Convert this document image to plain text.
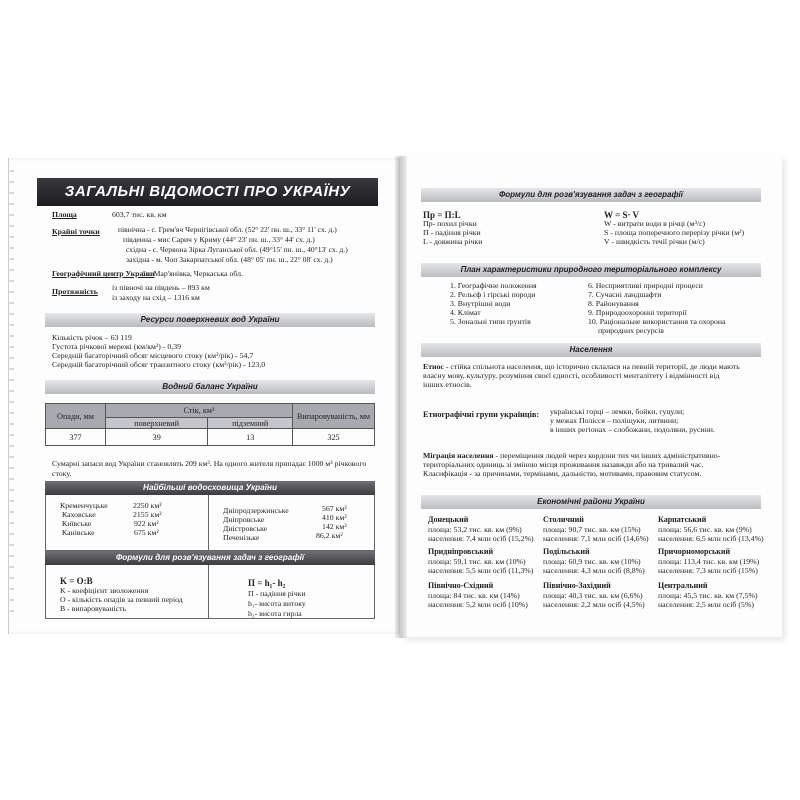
ЗАГАЛЬНІ ВІДОМОСТІ ПРО УКРАЇНУ
Площа	603,7 тис. кв. км
Крайні точки північна - с. Грем'яч Чернігівської обл. (52° 22' пн. ш., 33° 11' сх. д.)
південна - мис Сарич у Криму (44° 23' пн. ш., 33° 44' сх. д.)
східна - с. Червона Зірка Луганської обл. (49°15' пн. ш., 40°13' сх. д.)
західна - м. Чоп Закарпатської обл. (48° 05' пн. ш., 22° 08' сх. д.)
Географічний центр України
: с. Мар'янівка, Черкаська обл.
Протяжність із півночі на південь – 893 км
із заходу на схід – 1316 км
Ресурси поверхневих вод України
Кількість річок – 63 119
Густота річкової мережі (км/км²) - 0,39
Середній багаторічний обсяг місцевого стоку (км³/рік) - 54,7
Середній багаторічний обсяг транзитного стоку (км³/рік) - 123,0
Водний баланс України
Опади, мм	Стік, км³		Випаровуваність, мм
	поверхневий	підземний	
377	39	13	325
Сумарні запаси вод України становлять 209 км³. На одного жителя припадає 1000 м³ річкового
стоку.
Найбільші водосховища України
Кременчуцьке	2250 км²
Каховське	2155 км²
Київське	922 км²
Канівське	675 км²
Дніпродзержинське	567 км²
Дніпровське	410 км²
Дністровське	142 км²
Печенізьке	86,2 км²
Формули для розв'язування задач з географії
K = O:B
K - коефіцієнт зволоження
О - кількість опадів за певний період
В - випаровуваність
П = h₁- h₂
П - падіння річки
h₁- висота витоку
h₂- висота гирла
Формули для розв'язування задач з географії
Пр = П:L
Пр- похил річки
П - падіння річки
L - довжина річки
W = S· V
W - витрати води в річці (м³/с)
S - площа поперечного перерізу річки (м²)
V - швидкість течії річки (м/с)
План характеристики природного територіального комплексу
1. Географічне положення
2. Рельєф і гірські породи
3. Внутрішні води
4. Клімат
5. Зональні типи ґрунтів
6. Несприятливі природні процеси
7. Сучасні ландшафти
8. Районування
9. Природоохоронні території
10. Раціональне використання та охорона
природних ресурсів
Населення
Етнос - стійка спільнота населення, що історично склалася на певній території, де люди мають
власну мову, культуру, розуміння своєї єдності, особливості менталітету і відмінності від
інших етносів.
Етнографічні групи українців: українські горці – лемки, бойки, гуцули;
у межах Полісся – поліщуки, литвини;
в інших регіонах – слобожани, подоляни, русини.
Міграція населення - переміщення людей через кордони тих чи інших адміністративно-
територіальних одиниць зі зміною місця проживання назавжди або на тривалий час.
Класифікація - за причинами, термінами, дальністю, мотивами, правовим статусом.
Економічні райони України
Донецький
площа: 53,2 тис. кв. км (9%)
населення: 7,4 млн осіб (15,2%)
Столичний
площа: 90,7 тис. кв. км (15%)
населення: 7,1 млн осіб (14,6%)
Карпатський
площа: 56,6 тис. кв. км (9%)
населення: 6,5 млн осіб (13,4%)
Придніпровський
площа: 59,1 тис. кв. км (10%)
населення: 5,5 млн осіб (11,3%)
Подільський
площа: 60,9 тис. кв. км (10%)
населення: 4,3 млн осіб (8,8%)
Причорноморський
площа: 113,4 тис. кв. км (19%)
населення: 7,3 млн осіб (15%)
Північно-Східний
площа: 84 тис. кв. км (14%)
населення: 5,2 млн осіб (10%)
Північно-Західний
площа: 40,3 тис. кв. км (6,6%)
населення: 2,2 млн осіб (4,5%)
Центральний
площа: 45,5 тис. кв. км (7,5%)
населення: 2,5 млн осіб (5%)
